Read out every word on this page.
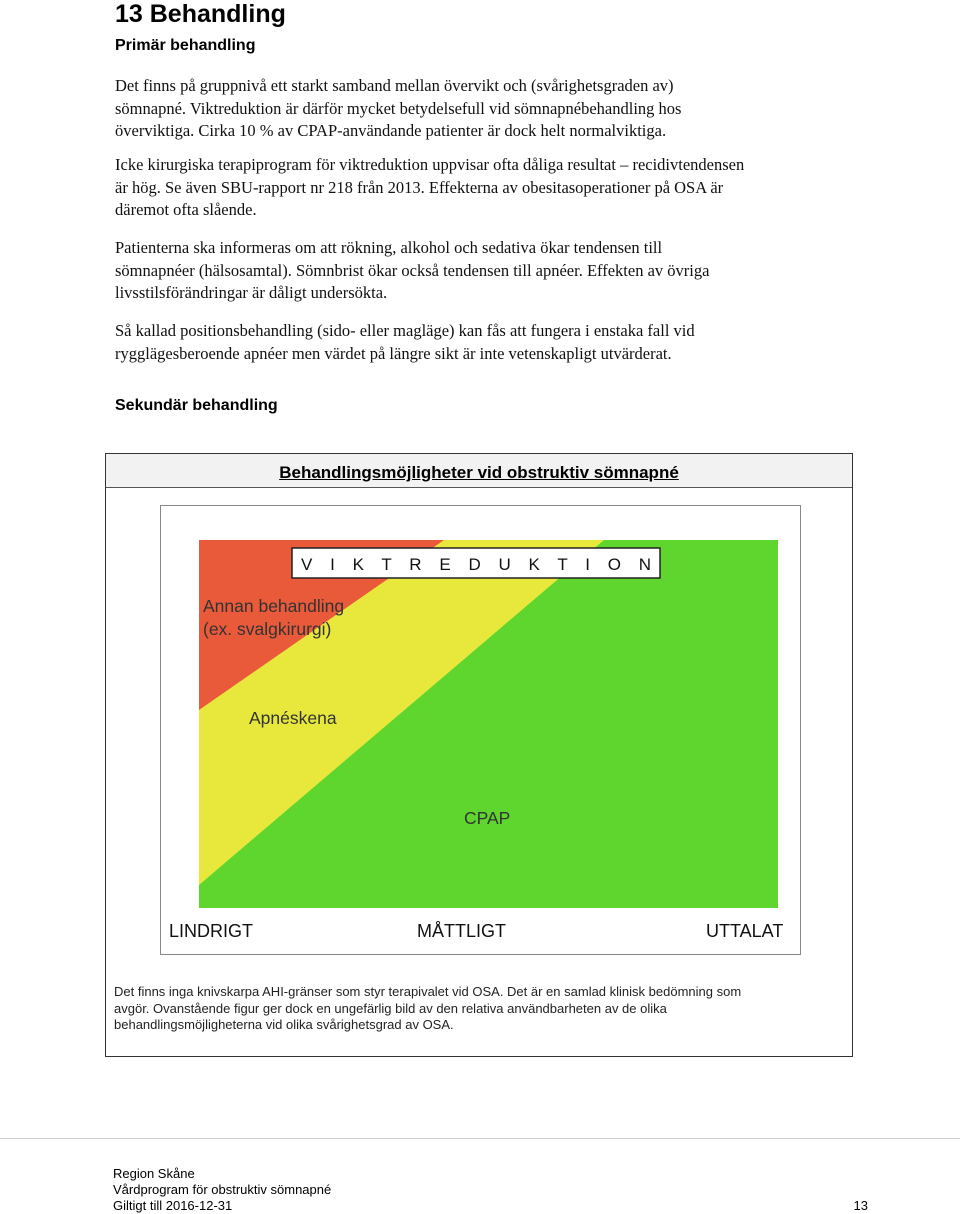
13 Behandling
Primär behandling

Det finns på gruppnivå ett starkt samband mellan övervikt och (svårighetsgraden av)
sömnapné. Viktreduktion är därför mycket betydelsefull vid sömnapnébehandling hos
överviktiga. Cirka 10 % av CPAP-användande patienter är dock helt normalviktiga.

Icke kirurgiska terapiprogram för viktreduktion uppvisar ofta dåliga resultat – recidivtendensen
är hög. Se även SBU-rapport nr 218 från 2013. Effekterna av obesitasoperationer på OSA är
däremot ofta slående.

Patienterna ska informeras om att rökning, alkohol och sedativa ökar tendensen till
sömnapnéer (hälsosamtal). Sömnbrist ökar också tendensen till apnéer. Effekten av övriga
livsstilsförändringar är dåligt undersökta.

Så kallad positionsbehandling (sido- eller magläge) kan fås att fungera i enstaka fall vid
rygglägesberoende apnéer men värdet på längre sikt är inte vetenskapligt utvärderat.

Sekundär behandling
Behandlingsmöjligheter vid obstruktiv sömnapné
V I K T R E D U K T I O N
Annan behandling
(ex. svalgkirurgi)
Apnéskena
CPAP
LINDRIGT	MÅTTLIGT	UTTALAT
Det finns inga knivskarpa AHI-gränser som styr terapivalet vid OSA. Det är en samlad klinisk bedömning som
avgör. Ovanstående figur ger dock en ungefärlig bild av den relativa användbarheten av de olika
behandlingsmöjligheterna vid olika svårighetsgrad av OSA.
Region Skåne
Vårdprogram för obstruktiv sömnapné
Giltigt till 2016-12-31	13
